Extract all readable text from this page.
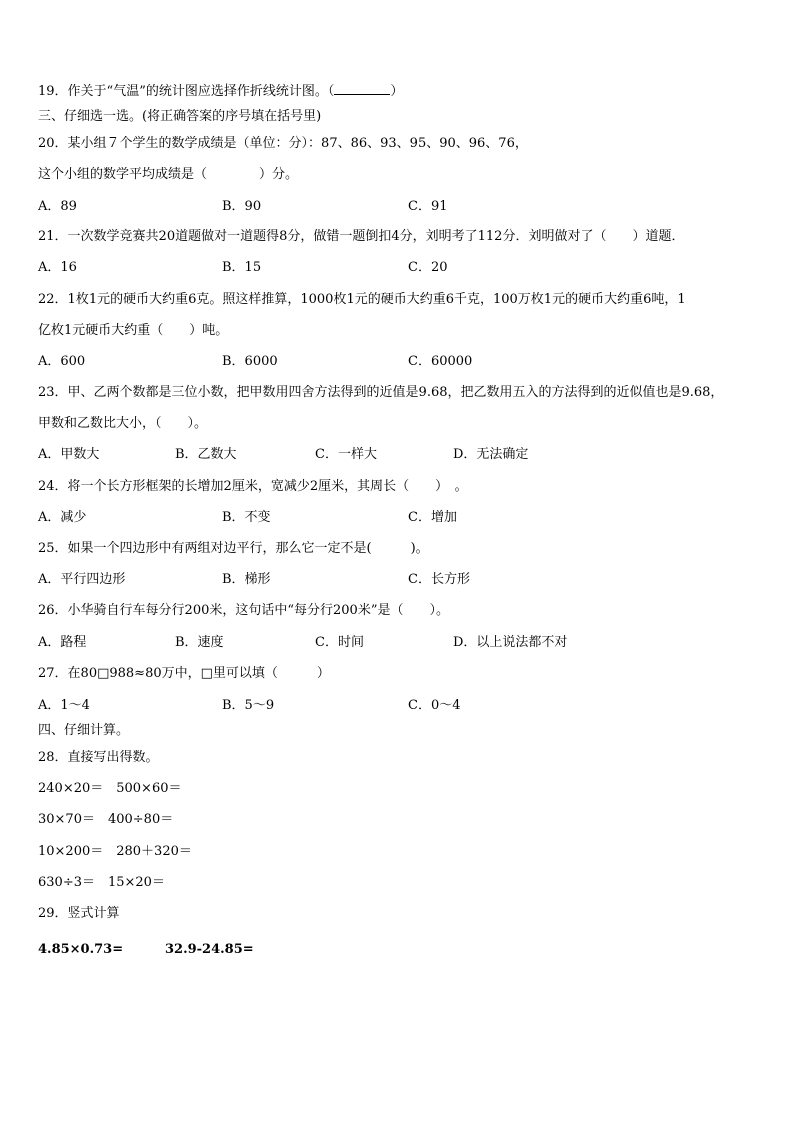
19．作关于“气温”的统计图应选择作折线统计图。（	）
三、仔细选一选。(将正确答案的序号填在括号里)
20．某小组７个学生的数学成绩是（单位：分）：87、86、93、95、90、96、76，
这个小组的数学平均成绩是（　　　　）分。
A．89	B．90	C．91
21．一次数学竞赛共20道题做对一道题得8分，做错一题倒扣4分，刘明考了112分．刘明做对了（　　）道题．
A．16	B．15	C．20
22．1枚1元的硬币大约重6克。照这样推算，1000枚1元的硬币大约重6千克，100万枚1元的硬币大约重6吨，1
亿枚1元硬币大约重（　　）吨。
A．600	B．6000	C．60000
23．甲、乙两个数都是三位小数，把甲数用四舍方法得到的近值是9.68，把乙数用五入的方法得到的近似值也是9.68，
甲数和乙数比大小，（　　）。
A．甲数大	B．乙数大	C．一样大	D．无法确定
24．将一个长方形框架的长增加2厘米，宽减少2厘米，其周长（　　）　。
A．减少	B．不变	C．增加
25．如果一个四边形中有两组对边平行，那么它一定不是(　　　)。
A．平行四边形	B．梯形	C．长方形
26．小华骑自行车每分行200米，这句话中“每分行200米”是（　　）。
A．路程	B．速度	C．时间	D．以上说法都不对
27．在80□988≈80万中，□里可以填（　　　）
A．1～4	B．5～9	C．0～4
四、仔细计算。
28．直接写出得数。
240×20＝　500×60＝
30×70＝　400÷80＝
10×200＝　280＋320＝
630÷3＝　15×20＝
29．竖式计算
4.85×0.73=	32.9-24.85=
